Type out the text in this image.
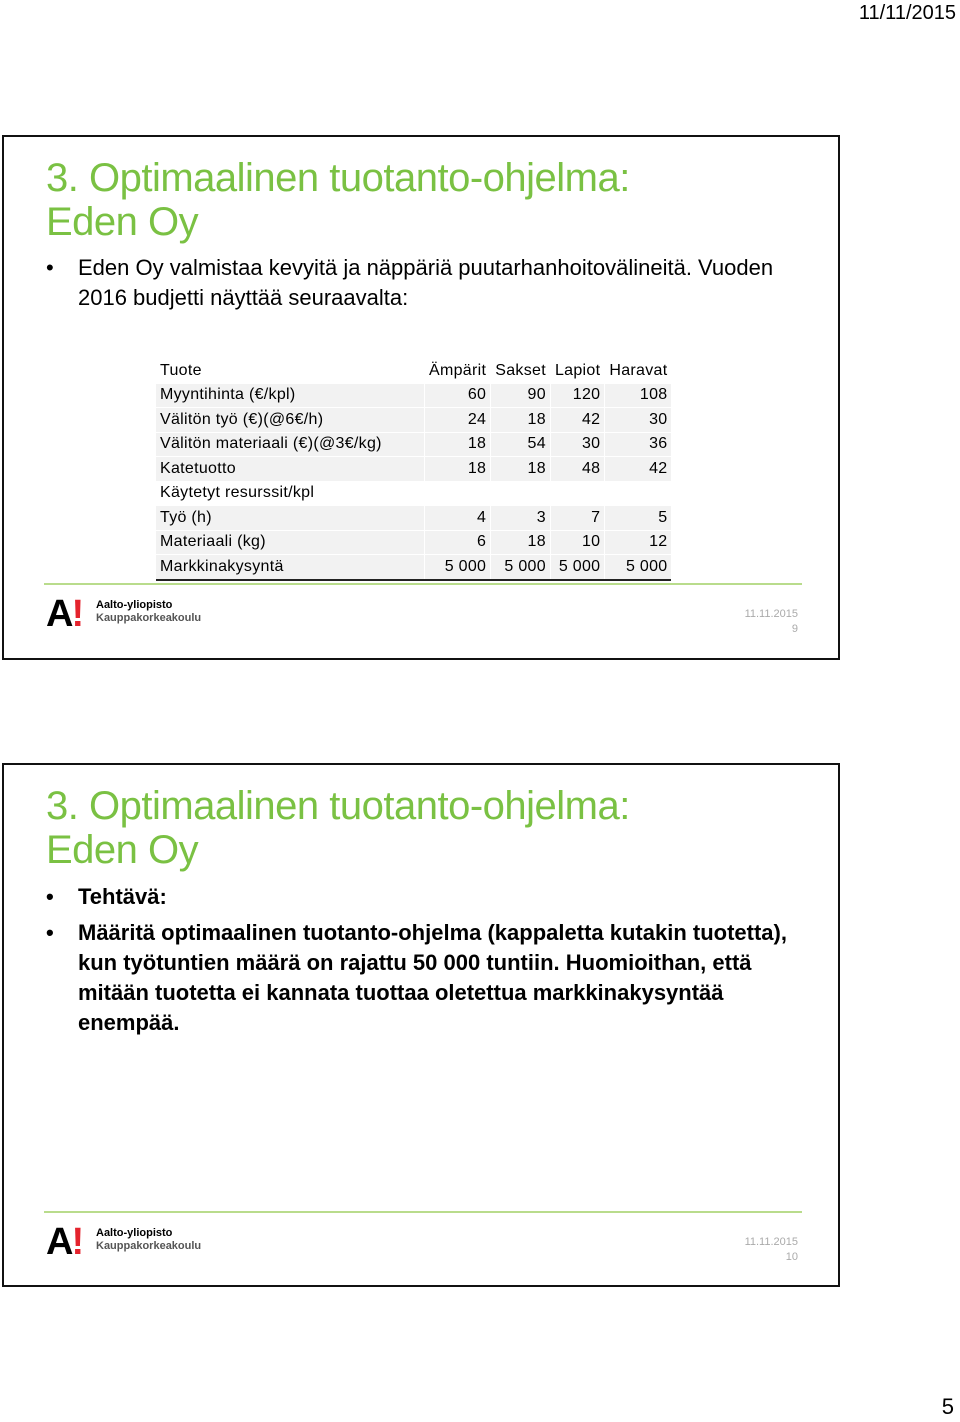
11/11/2015
3. Optimaalinen tuotanto-ohjelma:
Eden Oy
• Eden Oy valmistaa kevyitä ja näppäriä puutarhanhoitovälineitä. Vuoden 2016 budjetti näyttää seuraavalta:
Tuote	Ämpärit	Sakset	Lapiot	Haravat
Myyntihinta (€/kpl)	60	90	120	108
Välitön työ (€)(@6€/h)	24	18	42	30
Välitön materiaali (€)(@3€/kg)	18	54	30	36
Katetuotto	18	18	48	42
Käytetyt resurssit/kpl				
Työ (h)	4	3	7	5
Materiaali (kg)	6	18	10	12
Markkinakysyntä	5 000	5 000	5 000	5 000
A! Aalto-yliopisto
Kauppakorkeakoulu	11.11.2015
9
3. Optimaalinen tuotanto-ohjelma:
Eden Oy
• Tehtävä:
• Määritä optimaalinen tuotanto-ohjelma (kappaletta kutakin tuotetta), kun työtuntien määrä on rajattu 50 000 tuntiin. Huomioithan, että mitään tuotetta ei kannata tuottaa oletettua markkinakysyntää enempää.
A! Aalto-yliopisto
Kauppakorkeakoulu	11.11.2015
10
5
